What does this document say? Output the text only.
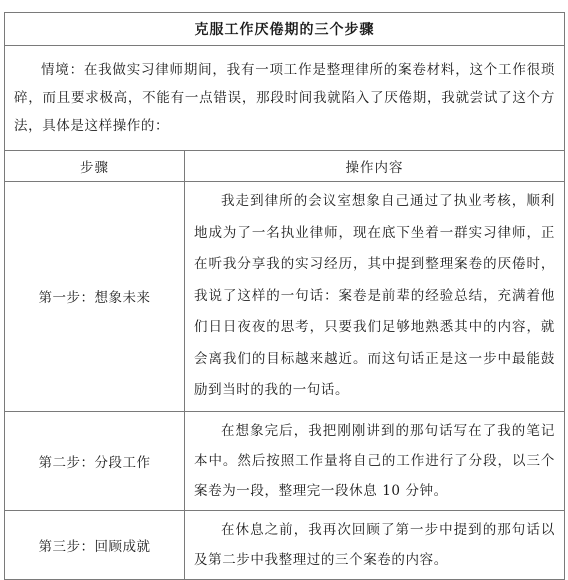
克服工作厌倦期的三个步骤	
情境：在我做实习律师期间，我有一项工作是整理律所的案卷材料，这个工作很琐碎，而且要求极高，不能有一点错误，那段时间我就陷入了厌倦期，我就尝试了这个方法，具体是这样操作的：	
步骤	操作内容
第一步：想象未来	我走到律所的会议室想象自己通过了执业考核，顺利地成为了一名执业律师，现在底下坐着一群实习律师，正在听我分享我的实习经历，其中提到整理案卷的厌倦时，我说了这样的一句话：案卷是前辈的经验总结，充满着他们日日夜夜的思考，只要我们足够地熟悉其中的内容，就会离我们的目标越来越近。而这句话正是这一步中最能鼓励到当时的我的一句话。
第二步：分段工作	在想象完后，我把刚刚讲到的那句话写在了我的笔记本中。然后按照工作量将自己的工作进行了分段，以三个案卷为一段，整理完一段休息 10 分钟。
第三步：回顾成就	在休息之前，我再次回顾了第一步中提到的那句话以及第二步中我整理过的三个案卷的内容。
